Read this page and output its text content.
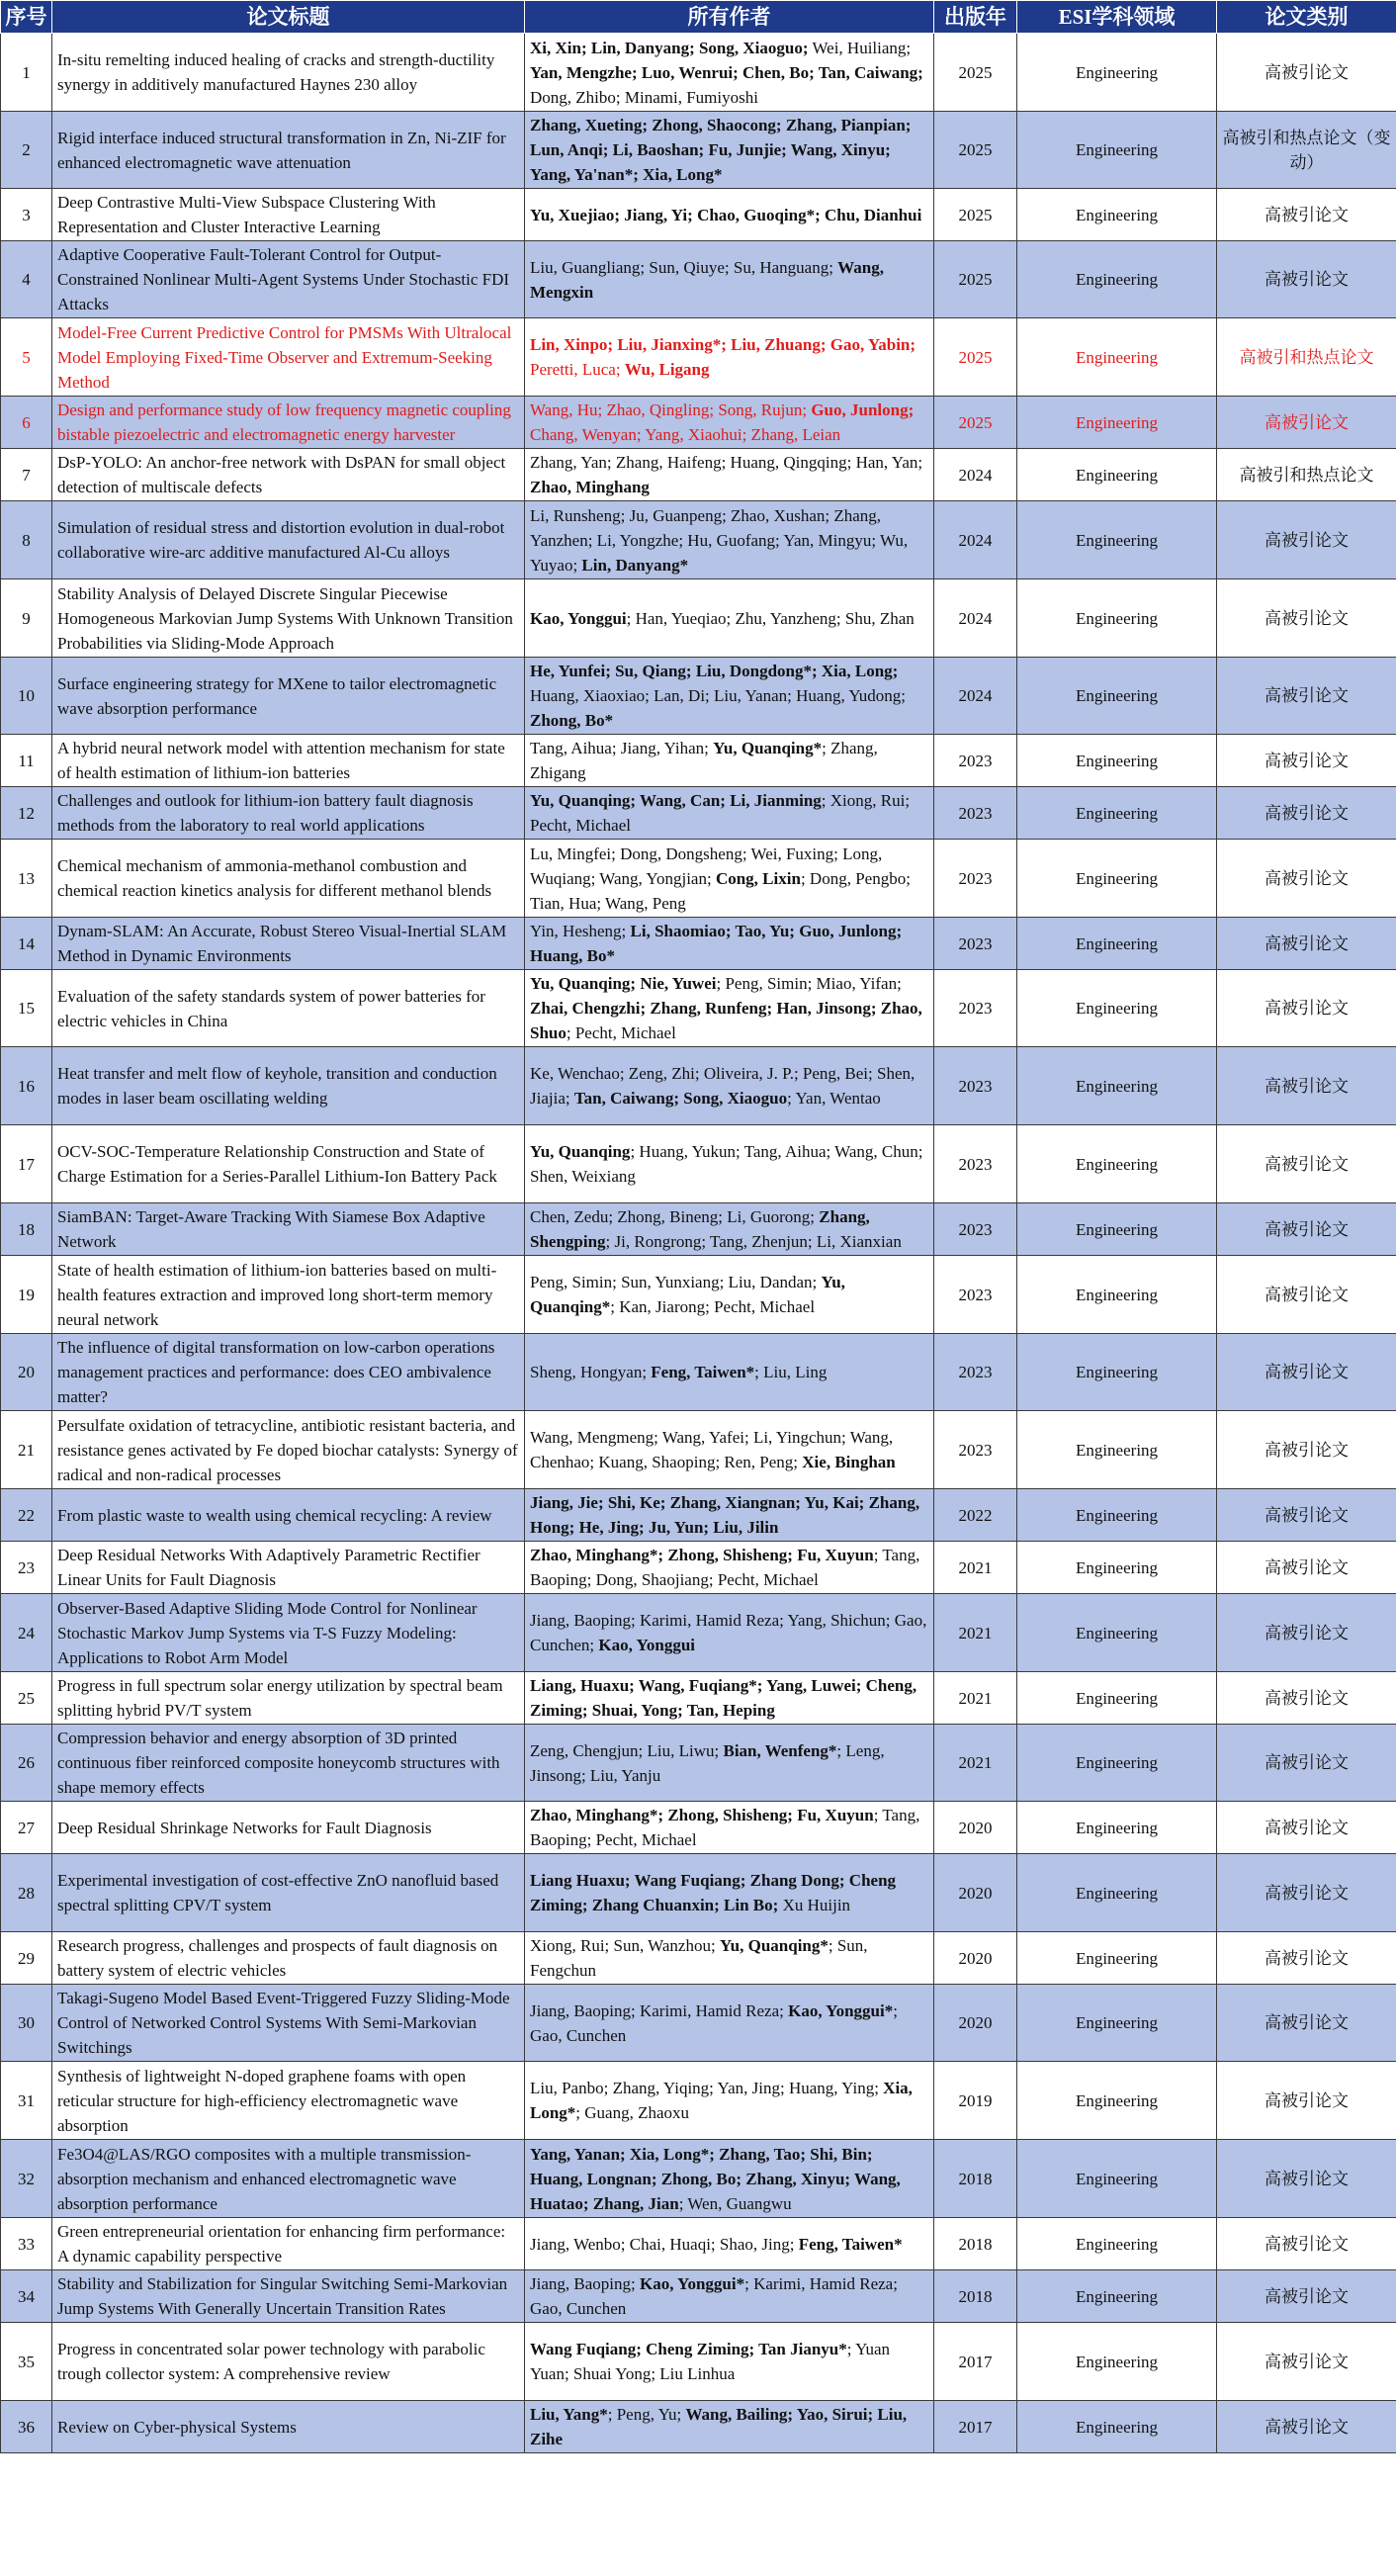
序号	论文标题	所有作者	出版年	ESI学科领域	论文类别
1	In-situ remelting induced healing of cracks and strength-ductility synergy in additively manufactured Haynes 230 alloy	Xi, Xin; Lin, Danyang; Song, Xiaoguo; Wei, Huiliang; Yan, Mengzhe; Luo, Wenrui; Chen, Bo; Tan, Caiwang; Dong, Zhibo; Minami, Fumiyoshi	2025	Engineering	高被引论文
2	Rigid interface induced structural transformation in Zn, Ni-ZIF for enhanced electromagnetic wave attenuation	Zhang, Xueting; Zhong, Shaocong; Zhang, Pianpian; Lun, Anqi; Li, Baoshan; Fu, Junjie; Wang, Xinyu; Yang, Ya'nan*; Xia, Long*	2025	Engineering	高被引和热点论文（变动）
3	Deep Contrastive Multi-View Subspace Clustering With Representation and Cluster Interactive Learning	Yu, Xuejiao; Jiang, Yi; Chao, Guoqing*; Chu, Dianhui	2025	Engineering	高被引论文
4	Adaptive Cooperative Fault-Tolerant Control for Output-Constrained Nonlinear Multi-Agent Systems Under Stochastic FDI Attacks	Liu, Guangliang; Sun, Qiuye; Su, Hanguang; Wang, Mengxin	2025	Engineering	高被引论文
5	Model-Free Current Predictive Control for PMSMs With Ultralocal Model Employing Fixed-Time Observer and Extremum-Seeking Method	Lin, Xinpo; Liu, Jianxing*; Liu, Zhuang; Gao, Yabin; Peretti, Luca; Wu, Ligang	2025	Engineering	高被引和热点论文
6	Design and performance study of low frequency magnetic coupling bistable piezoelectric and electromagnetic energy harvester	Wang, Hu; Zhao, Qingling; Song, Rujun; Guo, Junlong; Chang, Wenyan; Yang, Xiaohui; Zhang, Leian	2025	Engineering	高被引论文
7	DsP-YOLO: An anchor-free network with DsPAN for small object detection of multiscale defects	Zhang, Yan; Zhang, Haifeng; Huang, Qingqing; Han, Yan; Zhao, Minghang	2024	Engineering	高被引和热点论文
8	Simulation of residual stress and distortion evolution in dual-robot collaborative wire-arc additive manufactured Al-Cu alloys	Li, Runsheng; Ju, Guanpeng; Zhao, Xushan; Zhang, Yanzhen; Li, Yongzhe; Hu, Guofang; Yan, Mingyu; Wu, Yuyao; Lin, Danyang*	2024	Engineering	高被引论文
9	Stability Analysis of Delayed Discrete Singular Piecewise Homogeneous Markovian Jump Systems With Unknown Transition Probabilities via Sliding-Mode Approach	Kao, Yonggui; Han, Yueqiao; Zhu, Yanzheng; Shu, Zhan	2024	Engineering	高被引论文
10	Surface engineering strategy for MXene to tailor electromagnetic wave absorption performance	He, Yunfei; Su, Qiang; Liu, Dongdong*; Xia, Long; Huang, Xiaoxiao; Lan, Di; Liu, Yanan; Huang, Yudong; Zhong, Bo*	2024	Engineering	高被引论文
11	A hybrid neural network model with attention mechanism for state of health estimation of lithium-ion batteries	Tang, Aihua; Jiang, Yihan; Yu, Quanqing*; Zhang, Zhigang	2023	Engineering	高被引论文
12	Challenges and outlook for lithium-ion battery fault diagnosis methods from the laboratory to real world applications	Yu, Quanqing; Wang, Can; Li, Jianming; Xiong, Rui; Pecht, Michael	2023	Engineering	高被引论文
13	Chemical mechanism of ammonia-methanol combustion and chemical reaction kinetics analysis for different methanol blends	Lu, Mingfei; Dong, Dongsheng; Wei, Fuxing; Long, Wuqiang; Wang, Yongjian; Cong, Lixin; Dong, Pengbo; Tian, Hua; Wang, Peng	2023	Engineering	高被引论文
14	Dynam-SLAM: An Accurate, Robust Stereo Visual-Inertial SLAM Method in Dynamic Environments	Yin, Hesheng; Li, Shaomiao; Tao, Yu; Guo, Junlong; Huang, Bo*	2023	Engineering	高被引论文
15	Evaluation of the safety standards system of power batteries for electric vehicles in China	Yu, Quanqing; Nie, Yuwei; Peng, Simin; Miao, Yifan; Zhai, Chengzhi; Zhang, Runfeng; Han, Jinsong; Zhao, Shuo; Pecht, Michael	2023	Engineering	高被引论文
16	Heat transfer and melt flow of keyhole, transition and conduction modes in laser beam oscillating welding	Ke, Wenchao; Zeng, Zhi; Oliveira, J. P.; Peng, Bei; Shen, Jiajia; Tan, Caiwang; Song, Xiaoguo; Yan, Wentao	2023	Engineering	高被引论文
17	OCV-SOC-Temperature Relationship Construction and State of Charge Estimation for a Series-Parallel Lithium-Ion Battery Pack	Yu, Quanqing; Huang, Yukun; Tang, Aihua; Wang, Chun; Shen, Weixiang	2023	Engineering	高被引论文
18	SiamBAN: Target-Aware Tracking With Siamese Box Adaptive Network	Chen, Zedu; Zhong, Bineng; Li, Guorong; Zhang, Shengping; Ji, Rongrong; Tang, Zhenjun; Li, Xianxian	2023	Engineering	高被引论文
19	State of health estimation of lithium-ion batteries based on multi-health features extraction and improved long short-term memory neural network	Peng, Simin; Sun, Yunxiang; Liu, Dandan; Yu, Quanqing*; Kan, Jiarong; Pecht, Michael	2023	Engineering	高被引论文
20	The influence of digital transformation on low-carbon operations management practices and performance: does CEO ambivalence matter?	Sheng, Hongyan; Feng, Taiwen*; Liu, Ling	2023	Engineering	高被引论文
21	Persulfate oxidation of tetracycline, antibiotic resistant bacteria, and resistance genes activated by Fe doped biochar catalysts: Synergy of radical and non-radical processes	Wang, Mengmeng; Wang, Yafei; Li, Yingchun; Wang, Chenhao; Kuang, Shaoping; Ren, Peng; Xie, Binghan	2023	Engineering	高被引论文
22	From plastic waste to wealth using chemical recycling: A review	Jiang, Jie; Shi, Ke; Zhang, Xiangnan; Yu, Kai; Zhang, Hong; He, Jing; Ju, Yun; Liu, Jilin	2022	Engineering	高被引论文
23	Deep Residual Networks With Adaptively Parametric Rectifier Linear Units for Fault Diagnosis	Zhao, Minghang*; Zhong, Shisheng; Fu, Xuyun; Tang, Baoping; Dong, Shaojiang; Pecht, Michael	2021	Engineering	高被引论文
24	Observer-Based Adaptive Sliding Mode Control for Nonlinear Stochastic Markov Jump Systems via T-S Fuzzy Modeling: Applications to Robot Arm Model	Jiang, Baoping; Karimi, Hamid Reza; Yang, Shichun; Gao, Cunchen; Kao, Yonggui	2021	Engineering	高被引论文
25	Progress in full spectrum solar energy utilization by spectral beam splitting hybrid PV/T system	Liang, Huaxu; Wang, Fuqiang*; Yang, Luwei; Cheng, Ziming; Shuai, Yong; Tan, Heping	2021	Engineering	高被引论文
26	Compression behavior and energy absorption of 3D printed continuous fiber reinforced composite honeycomb structures with shape memory effects	Zeng, Chengjun; Liu, Liwu; Bian, Wenfeng*; Leng, Jinsong; Liu, Yanju	2021	Engineering	高被引论文
27	Deep Residual Shrinkage Networks for Fault Diagnosis	Zhao, Minghang*; Zhong, Shisheng; Fu, Xuyun; Tang, Baoping; Pecht, Michael	2020	Engineering	高被引论文
28	Experimental investigation of cost-effective ZnO nanofluid based spectral splitting CPV/T system	Liang Huaxu; Wang Fuqiang; Zhang Dong; Cheng Ziming; Zhang Chuanxin; Lin Bo; Xu Huijin	2020	Engineering	高被引论文
29	Research progress, challenges and prospects of fault diagnosis on battery system of electric vehicles	Xiong, Rui; Sun, Wanzhou; Yu, Quanqing*; Sun, Fengchun	2020	Engineering	高被引论文
30	Takagi-Sugeno Model Based Event-Triggered Fuzzy Sliding-Mode Control of Networked Control Systems With Semi-Markovian Switchings	Jiang, Baoping; Karimi, Hamid Reza; Kao, Yonggui*; Gao, Cunchen	2020	Engineering	高被引论文
31	Synthesis of lightweight N-doped graphene foams with open reticular structure for high-efficiency electromagnetic wave absorption	Liu, Panbo; Zhang, Yiqing; Yan, Jing; Huang, Ying; Xia, Long*; Guang, Zhaoxu	2019	Engineering	高被引论文
32	Fe3O4@LAS/RGO composites with a multiple transmission-absorption mechanism and enhanced electromagnetic wave absorption performance	Yang, Yanan; Xia, Long*; Zhang, Tao; Shi, Bin; Huang, Longnan; Zhong, Bo; Zhang, Xinyu; Wang, Huatao; Zhang, Jian; Wen, Guangwu	2018	Engineering	高被引论文
33	Green entrepreneurial orientation for enhancing firm performance: A dynamic capability perspective	Jiang, Wenbo; Chai, Huaqi; Shao, Jing; Feng, Taiwen*	2018	Engineering	高被引论文
34	Stability and Stabilization for Singular Switching Semi-Markovian Jump Systems With Generally Uncertain Transition Rates	Jiang, Baoping; Kao, Yonggui*; Karimi, Hamid Reza; Gao, Cunchen	2018	Engineering	高被引论文
35	Progress in concentrated solar power technology with parabolic trough collector system: A comprehensive review	Wang Fuqiang; Cheng Ziming; Tan Jianyu*; Yuan Yuan; Shuai Yong; Liu Linhua	2017	Engineering	高被引论文
36	Review on Cyber-physical Systems	Liu, Yang*; Peng, Yu; Wang, Bailing; Yao, Sirui; Liu, Zihe	2017	Engineering	高被引论文
